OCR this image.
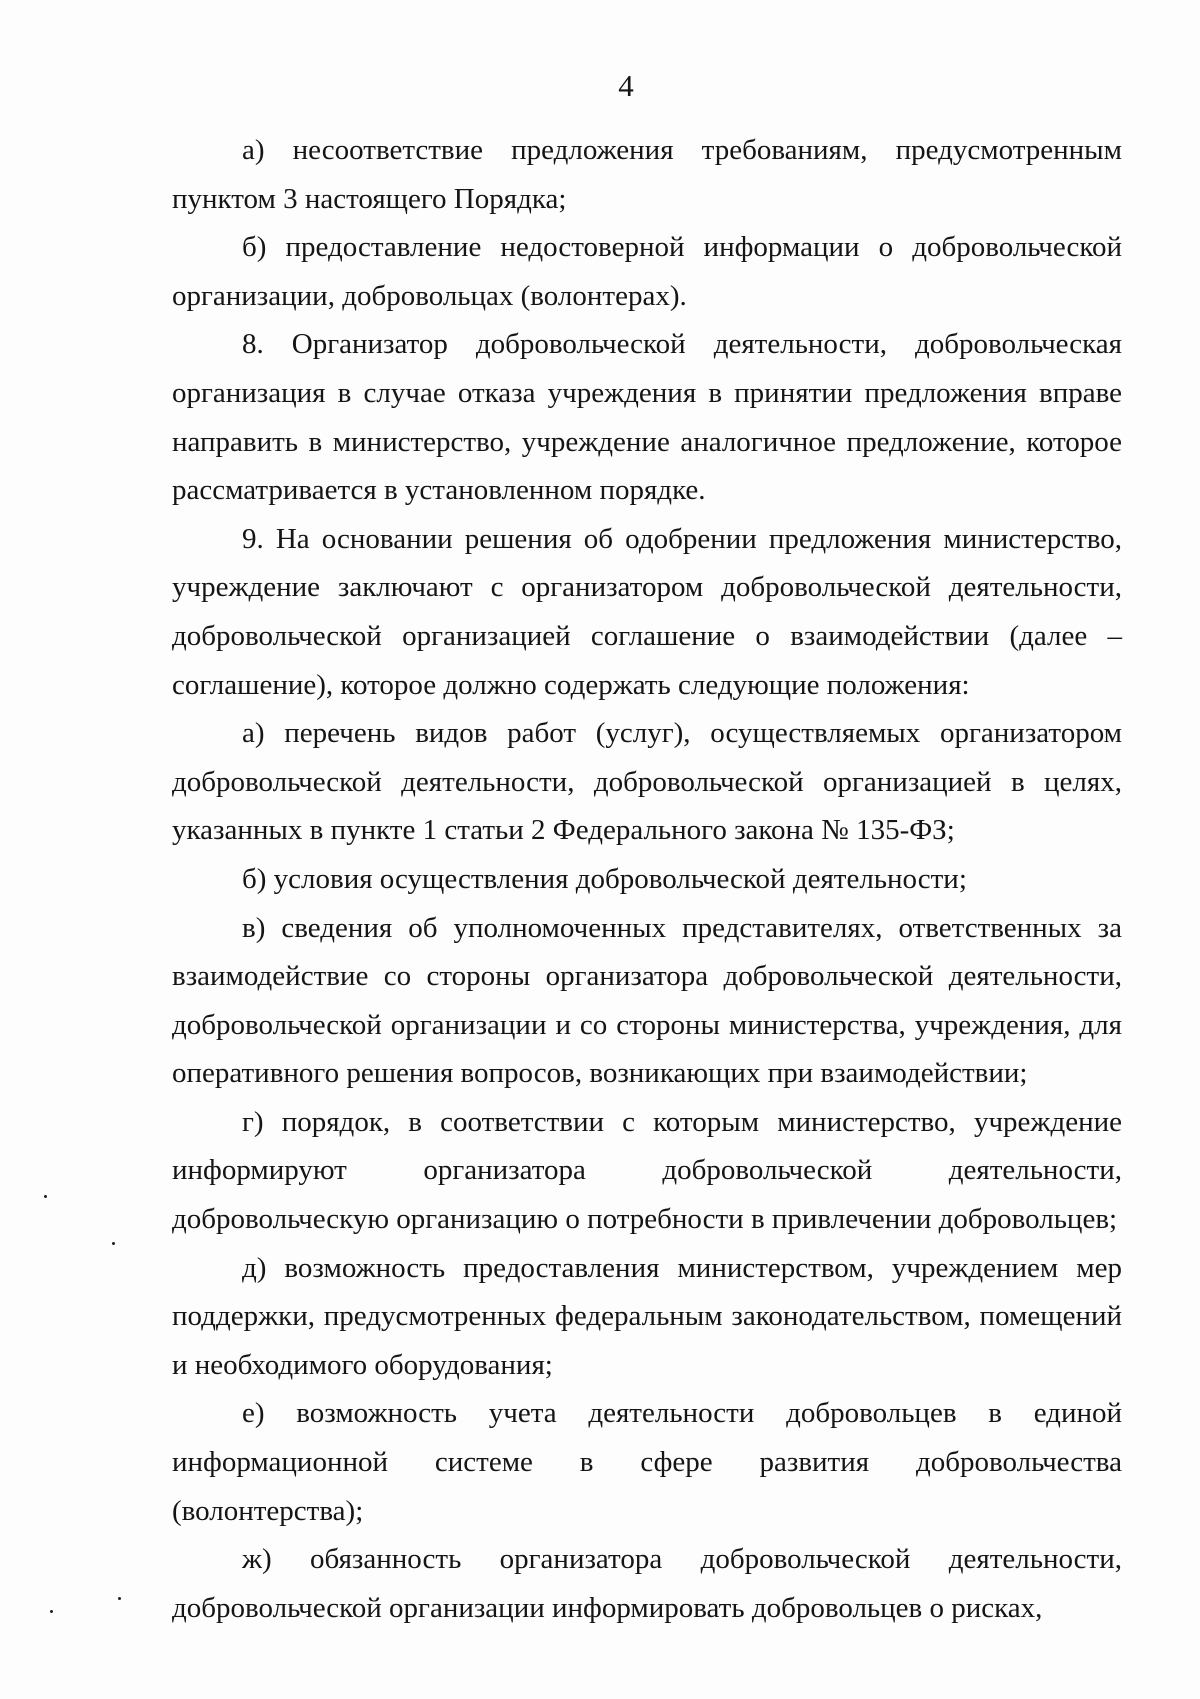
4

а) несоответствие предложения требованиям, предусмотренным пунктом 3 настоящего Порядка;

б) предоставление недостоверной информации о добровольческой организации, добровольцах (волонтерах).

8. Организатор добровольческой деятельности, добровольческая организация в случае отказа учреждения в принятии предложения вправе направить в министерство, учреждение аналогичное предложение, которое рассматривается в установленном порядке.

9. На основании решения об одобрении предложения министерство, учреждение заключают с организатором добровольческой деятельности, добровольческой организацией соглашение о взаимодействии (далее – соглашение), которое должно содержать следующие положения:

а) перечень видов работ (услуг), осуществляемых организатором добровольческой деятельности, добровольческой организацией в целях, указанных в пункте 1 статьи 2 Федерального закона № 135-ФЗ;

б) условия осуществления добровольческой деятельности;

в) сведения об уполномоченных представителях, ответственных за взаимодействие со стороны организатора добровольческой деятельности, добровольческой организации и со стороны министерства, учреждения, для оперативного решения вопросов, возникающих при взаимодействии;

г) порядок, в соответствии с которым министерство, учреждение информируют организатора добровольческой деятельности, добровольческую организацию о потребности в привлечении добровольцев;

д) возможность предоставления министерством, учреждением мер поддержки, предусмотренных федеральным законодательством, помещений и необходимого оборудования;

е) возможность учета деятельности добровольцев в единой информационной системе в сфере развития добровольчества (волонтерства);

ж) обязанность организатора добровольческой деятельности, добровольческой организации информировать добровольцев о рисках,
